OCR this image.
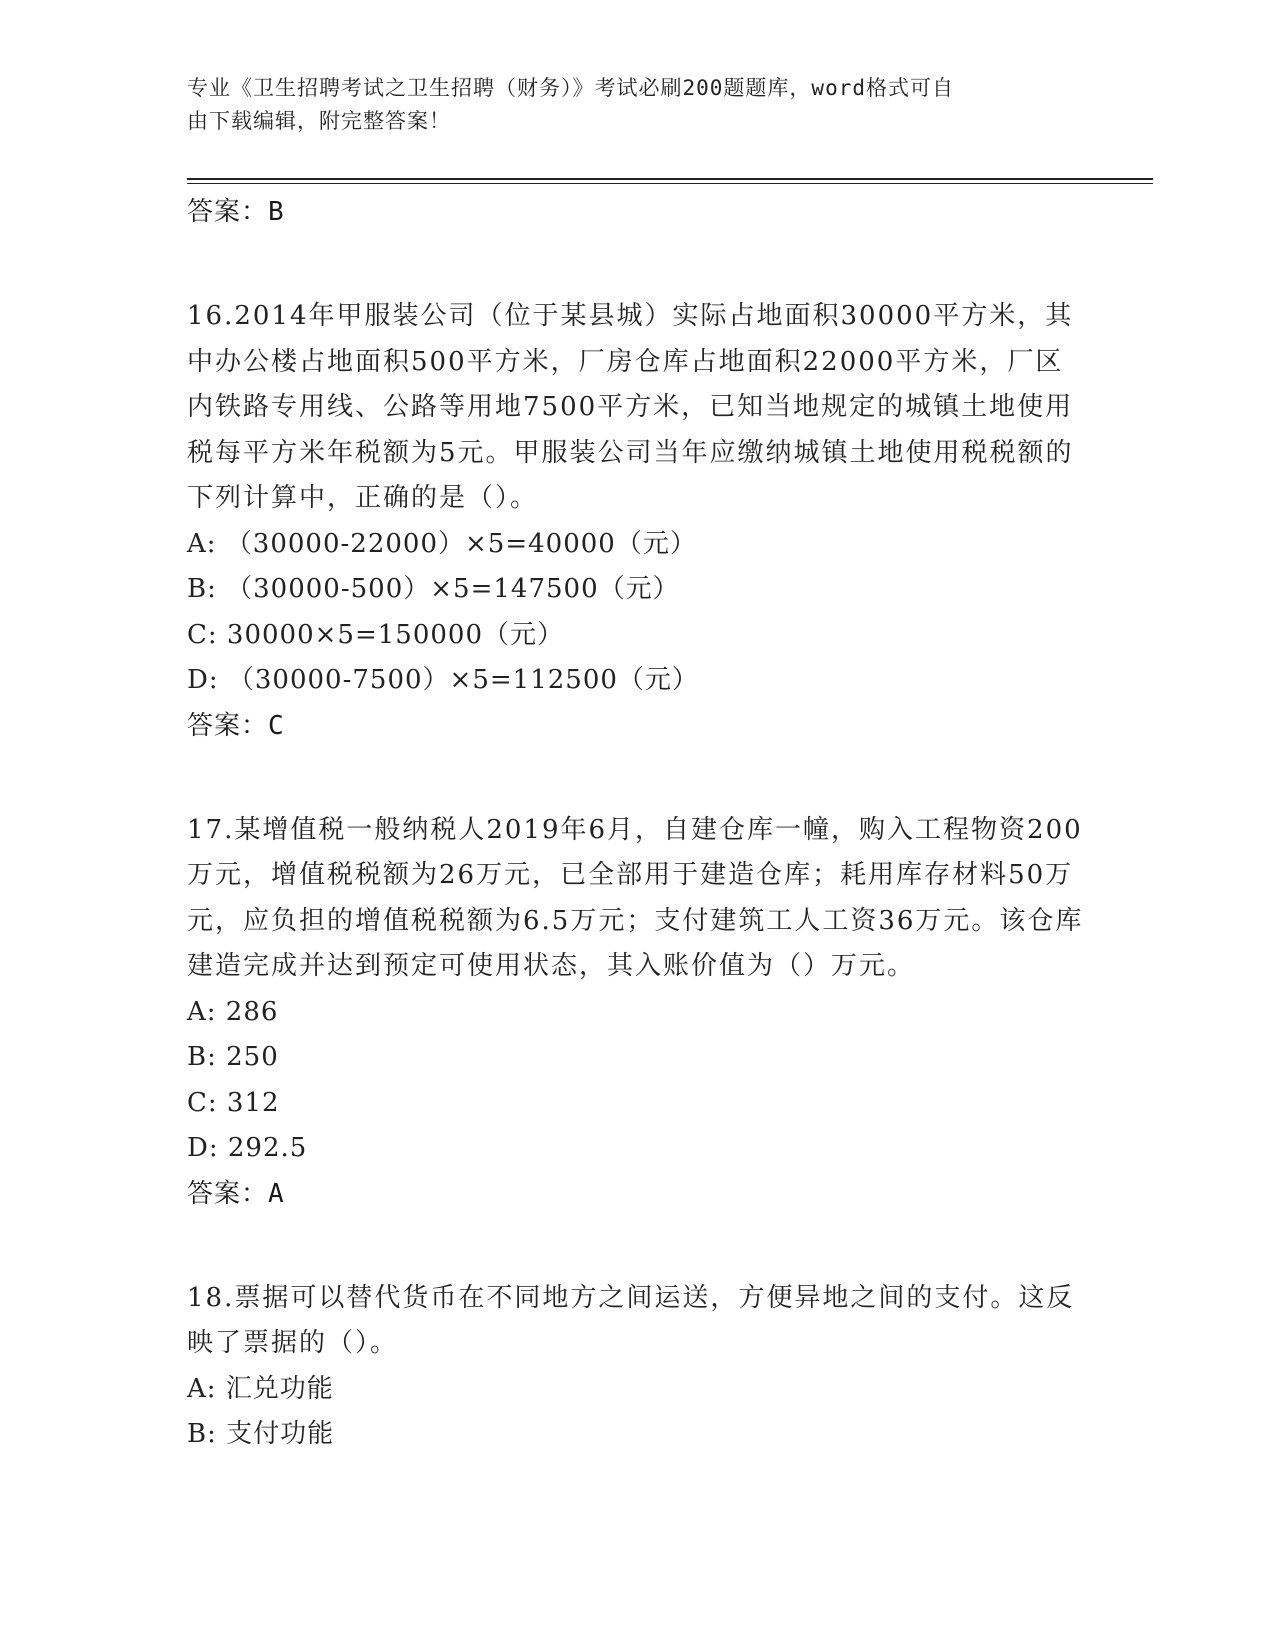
专业《卫生招聘考试之卫生招聘（财务）》考试必刷200题题库，word格式可自
由下载编辑，附完整答案！
答案：B
16.2014年甲服装公司（位于某县城）实际占地面积30000平方米，其中办公楼占地面积500平方米，厂房仓库占地面积22000平方米，厂区内铁路专用线、公路等用地7500平方米，已知当地规定的城镇土地使用税每平方米年税额为5元。甲服装公司当年应缴纳城镇土地使用税税额的下列计算中，正确的是（）。
A: （30000-22000）×5=40000（元）
B: （30000-500）×5=147500（元）
C: 30000×5=150000（元）
D: （30000-7500）×5=112500（元）
答案：C
17.某增值税一般纳税人2019年6月，自建仓库一幢，购入工程物资200万元，增值税税额为26万元，已全部用于建造仓库；耗用库存材料50万元，应负担的增值税税额为6.5万元；支付建筑工人工资36万元。该仓库建造完成并达到预定可使用状态，其入账价值为（）万元。
A: 286
B: 250
C: 312
D: 292.5
答案：A
18.票据可以替代货币在不同地方之间运送，方便异地之间的支付。这反映了票据的（）。
A: 汇兑功能
B: 支付功能
